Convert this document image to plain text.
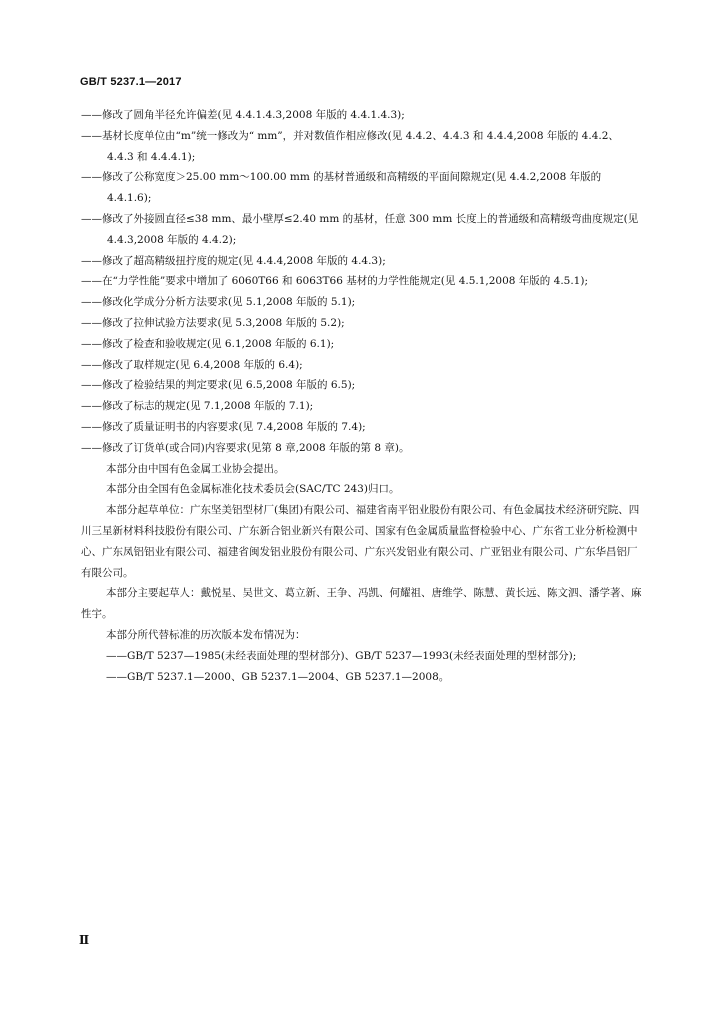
GB/T 5237.1—2017
——修改了圆角半径允许偏差(见 4.4.1.4.3,2008 年版的 4.4.1.4.3);
——基材长度单位由“m”统一修改为“ mm”，并对数值作相应修改(见 4.4.2、4.4.3 和 4.4.4,2008 年版的 4.4.2、4.4.3 和 4.4.4.1);
——修改了公称宽度＞25.00 mm～100.00 mm 的基材普通级和高精级的平面间隙规定(见 4.4.2,2008 年版的 4.4.1.6);
——修改了外接圆直径≤38 mm、最小壁厚≤2.40 mm 的基材，任意 300 mm 长度上的普通级和高精级弯曲度规定(见 4.4.3,2008 年版的 4.4.2);
——修改了超高精级扭拧度的规定(见 4.4.4,2008 年版的 4.4.3);
——在“力学性能”要求中增加了 6060T66 和 6063T66 基材的力学性能规定(见 4.5.1,2008 年版的 4.5.1);
——修改化学成分分析方法要求(见 5.1,2008 年版的 5.1);
——修改了拉伸试验方法要求(见 5.3,2008 年版的 5.2);
——修改了检查和验收规定(见 6.1,2008 年版的 6.1);
——修改了取样规定(见 6.4,2008 年版的 6.4);
——修改了检验结果的判定要求(见 6.5,2008 年版的 6.5);
——修改了标志的规定(见 7.1,2008 年版的 7.1);
——修改了质量证明书的内容要求(见 7.4,2008 年版的 7.4);
——修改了订货单(或合同)内容要求(见第 8 章,2008 年版的第 8 章)。
本部分由中国有色金属工业协会提出。
本部分由全国有色金属标准化技术委员会(SAC/TC 243)归口。
本部分起草单位：广东坚美铝型材厂(集团)有限公司、福建省南平铝业股份有限公司、有色金属技术经济研究院、四川三星新材料科技股份有限公司、广东新合铝业新兴有限公司、国家有色金属质量监督检验中心、广东省工业分析检测中心、广东凤铝铝业有限公司、福建省闽发铝业股份有限公司、广东兴发铝业有限公司、广亚铝业有限公司、广东华昌铝厂有限公司。
本部分主要起草人：戴悦星、吴世文、葛立新、王争、冯凯、何耀祖、唐维学、陈慧、黄长远、陈文泗、潘学著、麻性宇。
本部分所代替标准的历次版本发布情况为：
——GB/T 5237—1985(未经表面处理的型材部分)、GB/T 5237—1993(未经表面处理的型材部分);
——GB/T 5237.1—2000、GB 5237.1—2004、GB 5237.1—2008。
Ⅱ
